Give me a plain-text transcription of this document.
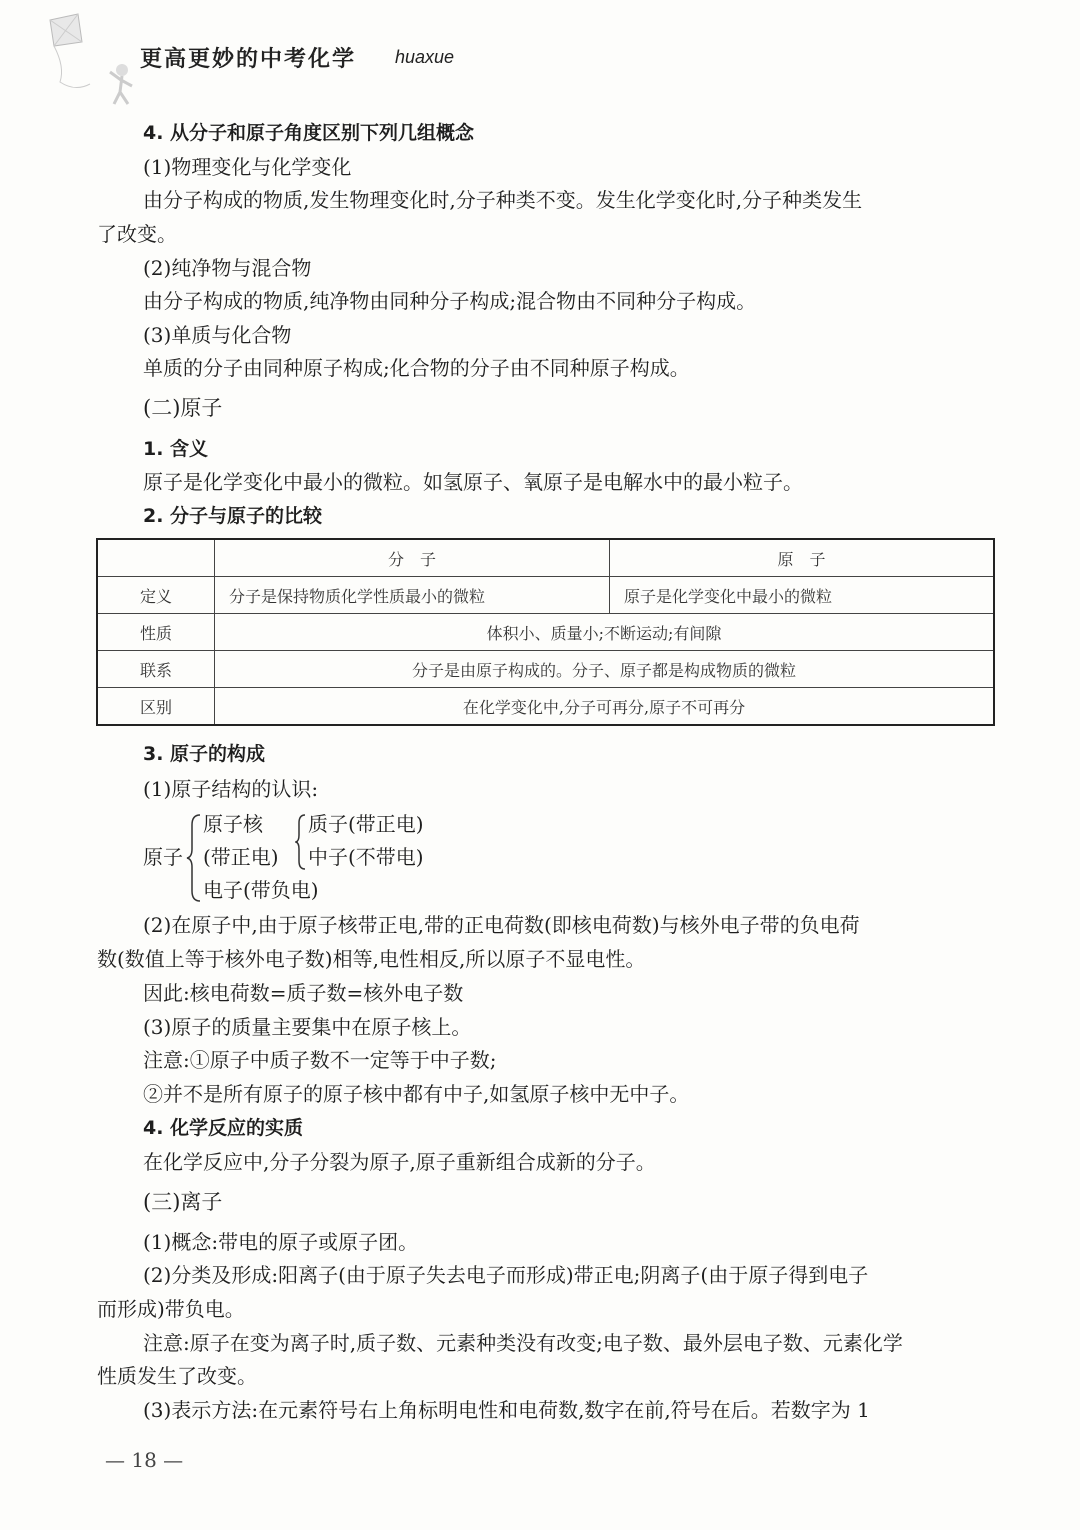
更高更妙的中考化学 huaxue
4. 从分子和原子角度区别下列几组概念
(1)物理变化与化学变化
由分子构成的物质,发生物理变化时,分子种类不变。发生化学变化时,分子种类发生
了改变。
(2)纯净物与混合物
由分子构成的物质,纯净物由同种分子构成;混合物由不同种分子构成。
(3)单质与化合物
单质的分子由同种原子构成;化合物的分子由不同种原子构成。
(二)原子
1. 含义
原子是化学变化中最小的微粒。如氢原子、氧原子是电解水中的最小粒子。
2. 分子与原子的比较
	分　子	原　子
定义	分子是保持物质化学性质最小的微粒	原子是化学变化中最小的微粒
性质	体积小、质量小;不断运动;有间隙	
联系	分子是由原子构成的。分子、原子都是构成物质的微粒	
区别	在化学变化中,分子可再分,原子不可再分	
3. 原子的构成
(1)原子结构的认识:
原子
原子核
(带正电)
电子(带负电)
质子(带正电)
中子(不带电)
(2)在原子中,由于原子核带正电,带的正电荷数(即核电荷数)与核外电子带的负电荷
数(数值上等于核外电子数)相等,电性相反,所以原子不显电性。
因此:核电荷数=质子数=核外电子数
(3)原子的质量主要集中在原子核上。
注意:①原子中质子数不一定等于中子数;
②并不是所有原子的原子核中都有中子,如氢原子核中无中子。
4. 化学反应的实质
在化学反应中,分子分裂为原子,原子重新组合成新的分子。
(三)离子
(1)概念:带电的原子或原子团。
(2)分类及形成:阳离子(由于原子失去电子而形成)带正电;阴离子(由于原子得到电子
而形成)带负电。
注意:原子在变为离子时,质子数、元素种类没有改变;电子数、最外层电子数、元素化学
性质发生了改变。
(3)表示方法:在元素符号右上角标明电性和电荷数,数字在前,符号在后。若数字为 1
— 18 —
